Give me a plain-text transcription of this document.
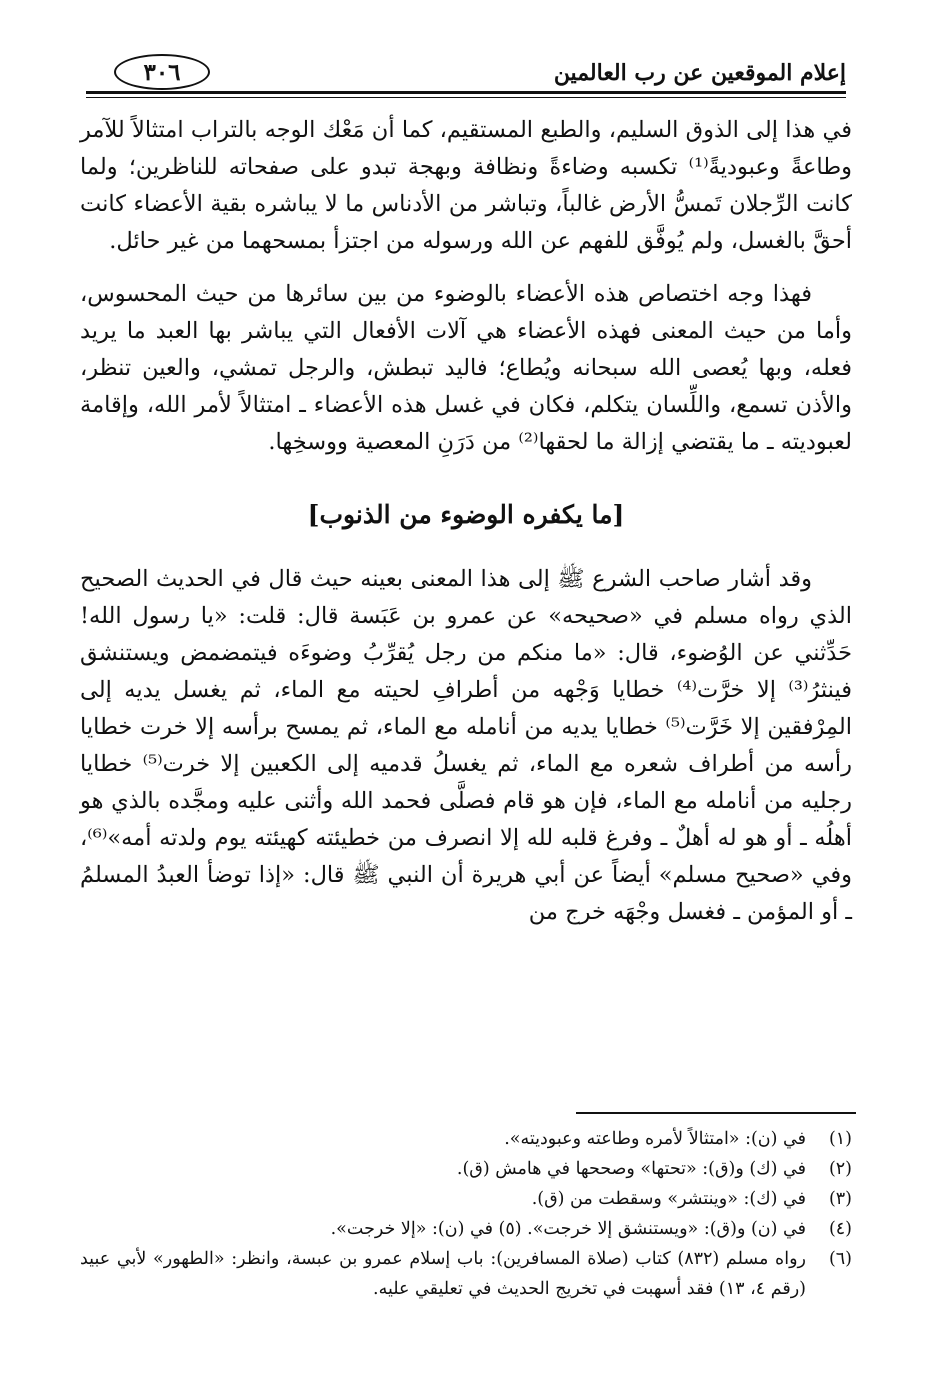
إعلام الموقعين عن رب العالمين
٣٠٦

في هذا إلى الذوق السليم، والطبع المستقيم، كما أن مَعْك الوجه بالتراب امتثالاً للآمر وطاعةً وعبوديةً⁽¹⁾ تكسبه وضاءةً ونظافة وبهجة تبدو على صفحاته للناظرين؛ ولما كانت الرِّجلان تَمسُّ الأرض غالباً، وتباشر من الأدناس ما لا يباشره بقية الأعضاء كانت أحقَّ بالغسل، ولم يُوفَّق للفهم عن الله ورسوله من اجتزأ بمسحهما من غير حائل.

فهذا وجه اختصاص هذه الأعضاء بالوضوء من بين سائرها من حيث المحسوس، وأما من حيث المعنى فهذه الأعضاء هي آلات الأفعال التي يباشر بها العبد ما يريد فعله، وبها يُعصى الله سبحانه ويُطاع؛ فاليد تبطش، والرجل تمشي، والعين تنظر، والأذن تسمع، واللِّسان يتكلم، فكان في غسل هذه الأعضاء ـ امتثالاً لأمر الله، وإقامة لعبوديته ـ ما يقتضي إزالة ما لحقها⁽²⁾ من دَرَنِ المعصية ووسخِها.

[ما يكفره الوضوء من الذنوب]

وقد أشار صاحب الشرع ﷺ إلى هذا المعنى بعينه حيث قال في الحديث الصحيح الذي رواه مسلم في «صحيحه» عن عمرو بن عَبَسة قال: قلت: «يا رسول الله! حَدِّثني عن الوُضوء، قال: «ما منكم من رجل يُقرِّبُ وضوءَه فيتمضمض ويستنشق فينثرُ⁽³⁾ إلا خرَّت⁽⁴⁾ خطايا وَجْهه من أطرافِ لحيته مع الماء، ثم يغسل يديه إلى المِرْفقين إلا خَرَّت⁽⁵⁾ خطايا يديه من أنامله مع الماء، ثم يمسح برأسه إلا خرت خطايا رأسه من أطراف شعره مع الماء، ثم يغسلُ قدميه إلى الكعبين إلا خرت⁽⁵⁾ خطايا رجليه من أنامله مع الماء، فإن هو قام فصلَّى فحمد الله وأثنى عليه ومجَّده بالذي هو أهلُه ـ أو هو له أهلٌ ـ وفرغ قلبه لله إلا انصرف من خطيئته كهيئته يوم ولدته أمه»⁽⁶⁾، وفي «صحيح مسلم» أيضاً عن أبي هريرة أن النبي ﷺ قال: «إذا توضأ العبدُ المسلمُ ـ أو المؤمن ـ فغسل وجْهَه خرج من

(١)
في (ن): «امتثالاً لأمره وطاعته وعبوديته».
(٢)
في (ك) و(ق): «تحتها» وصححها في هامش (ق).
(٣)
في (ك): «وينتشر» وسقطت من (ق).
(٤)
في (ن) و(ق): «ويستنشق إلا خرجت». (٥) في (ن): «إلا خرجت».
(٦)
رواه مسلم (٨٣٢) كتاب (صلاة المسافرين): باب إسلام عمرو بن عبسة، وانظر: «الطهور» لأبي عبيد (رقم ٤، ١٣) فقد أسهبت في تخريج الحديث في تعليقي عليه.
